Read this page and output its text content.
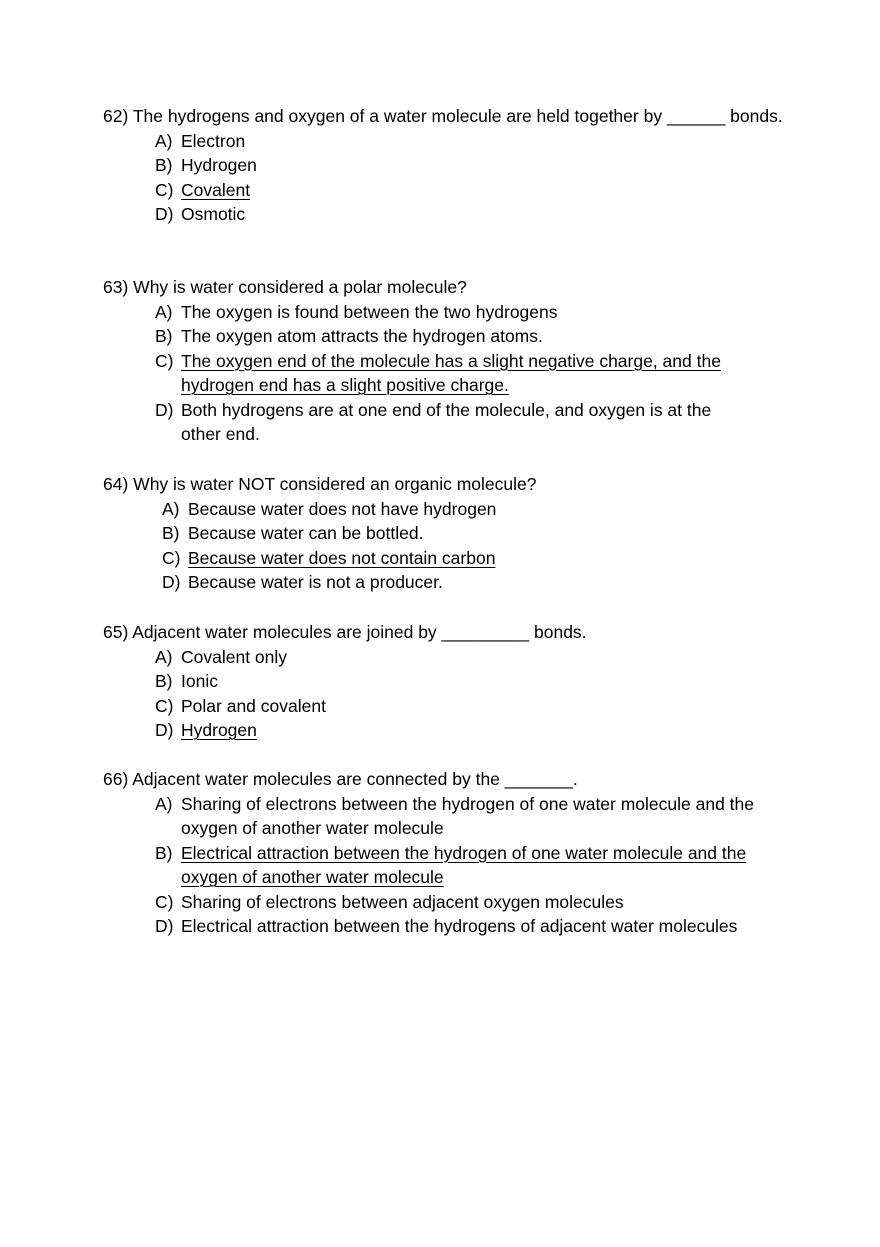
62) The hydrogens and oxygen of a water molecule are held together by ______ bonds.
A) Electron
B) Hydrogen
C) Covalent
D) Osmotic
63) Why is water considered a polar molecule?
A) The oxygen is found between the two hydrogens
B) The oxygen atom attracts the hydrogen atoms.
C) The oxygen end of the molecule has a slight negative charge, and the hydrogen end has a slight positive charge.
D) Both hydrogens are at one end of the molecule, and oxygen is at the other end.
64) Why is water NOT considered an organic molecule?
A) Because water does not have hydrogen
B) Because water can be bottled.
C) Because water does not contain carbon
D) Because water is not a producer.
65) Adjacent water molecules are joined by _________ bonds.
A) Covalent only
B) Ionic
C) Polar and covalent
D) Hydrogen
66) Adjacent water molecules are connected by the _______.
A) Sharing of electrons between the hydrogen of one water molecule and the oxygen of another water molecule
B) Electrical attraction between the hydrogen of one water molecule and the oxygen of another water molecule
C) Sharing of electrons between adjacent oxygen molecules
D) Electrical attraction between the hydrogens of adjacent water molecules
